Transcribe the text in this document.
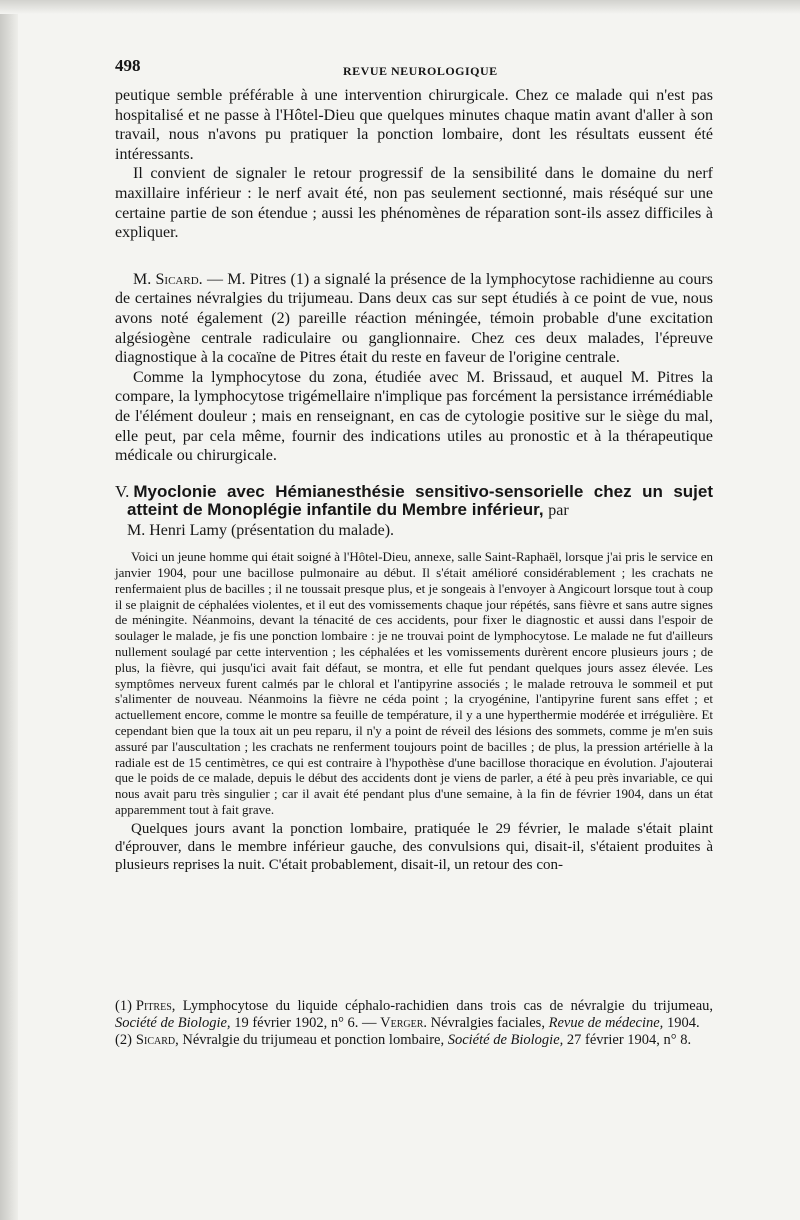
498	REVUE NEUROLOGIQUE

peutique semble préférable à une intervention chirurgicale. Chez ce malade qui n'est pas hospitalisé et ne passe à l'Hôtel-Dieu que quelques minutes chaque matin avant d'aller à son travail, nous n'avons pu pratiquer la ponction lombaire, dont les résultats eussent été intéressants.

Il convient de signaler le retour progressif de la sensibilité dans le domaine du nerf maxillaire inférieur : le nerf avait été, non pas seulement sectionné, mais réséqué sur une certaine partie de son étendue ; aussi les phénomènes de réparation sont-ils assez difficiles à expliquer.

M. Sicard. — M. Pitres (1) a signalé la présence de la lymphocytose rachidienne au cours de certaines névralgies du trijumeau. Dans deux cas sur sept étudiés à ce point de vue, nous avons noté également (2) pareille réaction méningée, témoin probable d'une excitation algésiogène centrale radiculaire ou ganglionnaire. Chez ces deux malades, l'épreuve diagnostique à la cocaïne de Pitres était du reste en faveur de l'origine centrale.

Comme la lymphocytose du zona, étudiée avec M. Brissaud, et auquel M. Pitres la compare, la lymphocytose trigémellaire n'implique pas forcément la persistance irrémédiable de l'élément douleur ; mais en renseignant, en cas de cytologie positive sur le siège du mal, elle peut, par cela même, fournir des indications utiles au pronostic et à la thérapeutique médicale ou chirurgicale.

V. Myoclonie avec Hémianesthésie sensitivo-sensorielle chez un sujet atteint de Monoplégie infantile du Membre inférieur, par
M. Henri Lamy (présentation du malade).

Voici un jeune homme qui était soigné à l'Hôtel-Dieu, annexe, salle Saint-Raphaël, lorsque j'ai pris le service en janvier 1904, pour une bacillose pulmonaire au début. Il s'était amélioré considérablement ; les crachats ne renfermaient plus de bacilles ; il ne toussait presque plus, et je songeais à l'envoyer à Angicourt lorsque tout à coup il se plaignit de céphalées violentes, et il eut des vomissements chaque jour répétés, sans fièvre et sans autre signes de méningite. Néanmoins, devant la ténacité de ces accidents, pour fixer le diagnostic et aussi dans l'espoir de soulager le malade, je fis une ponction lombaire : je ne trouvai point de lymphocytose. Le malade ne fut d'ailleurs nullement soulagé par cette intervention ; les céphalées et les vomissements durèrent encore plusieurs jours ; de plus, la fièvre, qui jusqu'ici avait fait défaut, se montra, et elle fut pendant quelques jours assez élevée. Les symptômes nerveux furent calmés par le chloral et l'antipyrine associés ; le malade retrouva le sommeil et put s'alimenter de nouveau. Néanmoins la fièvre ne céda point ; la cryogénine, l'antipyrine furent sans effet ; et actuellement encore, comme le montre sa feuille de température, il y a une hyperthermie modérée et irrégulière. Et cependant bien que la toux ait un peu reparu, il n'y a point de réveil des lésions des sommets, comme je m'en suis assuré par l'auscultation ; les crachats ne renferment toujours point de bacilles ; de plus, la pression artérielle à la radiale est de 15 centimètres, ce qui est contraire à l'hypothèse d'une bacillose thoracique en évolution. J'ajouterai que le poids de ce malade, depuis le début des accidents dont je viens de parler, a été à peu près invariable, ce qui nous avait paru très singulier ; car il avait été pendant plus d'une semaine, à la fin de février 1904, dans un état apparemment tout à fait grave.

Quelques jours avant la ponction lombaire, pratiquée le 29 février, le malade s'était plaint d'éprouver, dans le membre inférieur gauche, des convulsions qui, disait-il, s'étaient produites à plusieurs reprises la nuit. C'était probablement, disait-il, un retour des con-

(1) Pitres, Lymphocytose du liquide céphalo-rachidien dans trois cas de névralgie du trijumeau, Société de Biologie, 19 février 1902, n° 6. — Verger. Névralgies faciales, Revue de médecine, 1904.

(2) Sicard, Névralgie du trijumeau et ponction lombaire, Société de Biologie, 27 février 1904, n° 8.
